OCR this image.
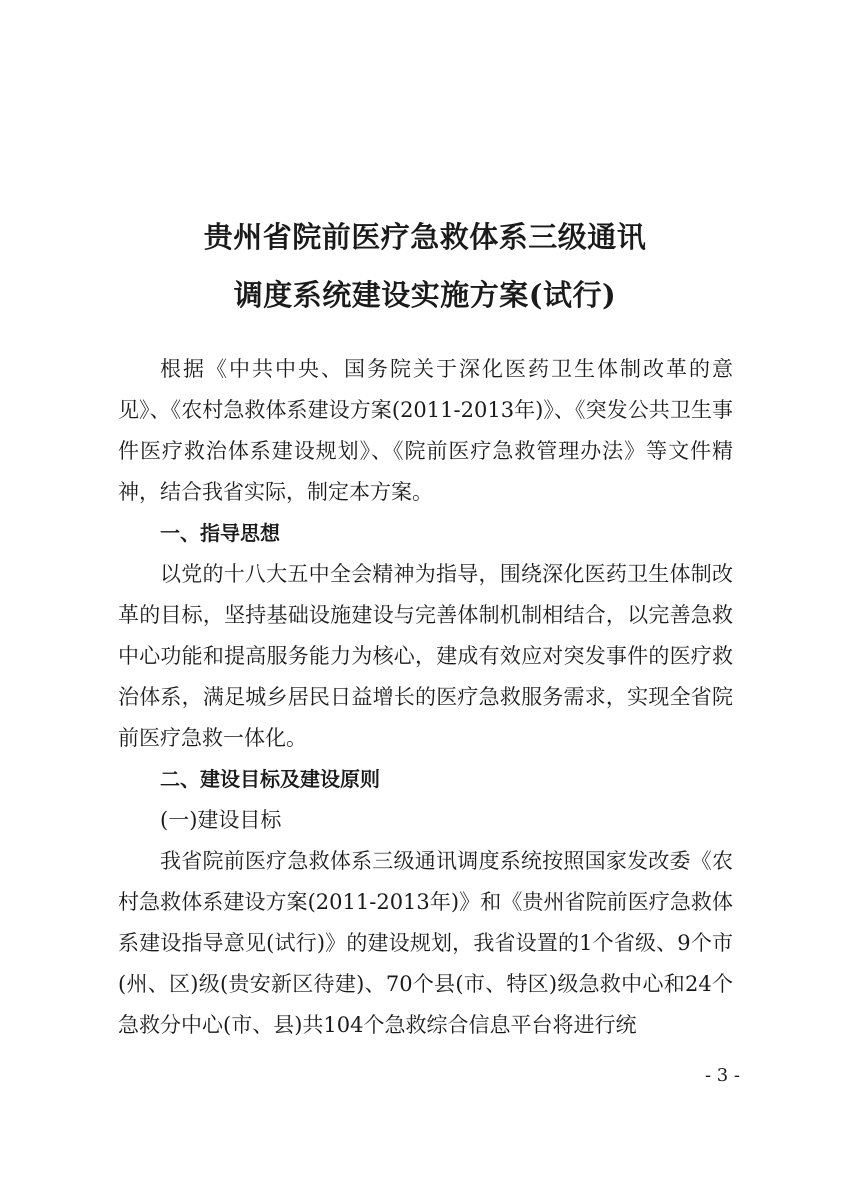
贵州省院前医疗急救体系三级通讯
调度系统建设实施方案(试行)

根据《中共中央、国务院关于深化医药卫生体制改革的意见》、《农村急救体系建设方案(2011-2013年)》、《突发公共卫生事件医疗救治体系建设规划》、《院前医疗急救管理办法》等文件精神，结合我省实际，制定本方案。

一、指导思想

以党的十八大五中全会精神为指导，围绕深化医药卫生体制改革的目标，坚持基础设施建设与完善体制机制相结合，以完善急救中心功能和提高服务能力为核心，建成有效应对突发事件的医疗救治体系，满足城乡居民日益增长的医疗急救服务需求，实现全省院前医疗急救一体化。

二、建设目标及建设原则

(一)建设目标

我省院前医疗急救体系三级通讯调度系统按照国家发改委《农村急救体系建设方案(2011-2013年)》和《贵州省院前医疗急救体系建设指导意见(试行)》的建设规划，我省设置的1个省级、9个市(州、区)级(贵安新区待建)、70个县(市、特区)级急救中心和24个急救分中心(市、县)共104个急救综合信息平台将进行统

- 3 -
